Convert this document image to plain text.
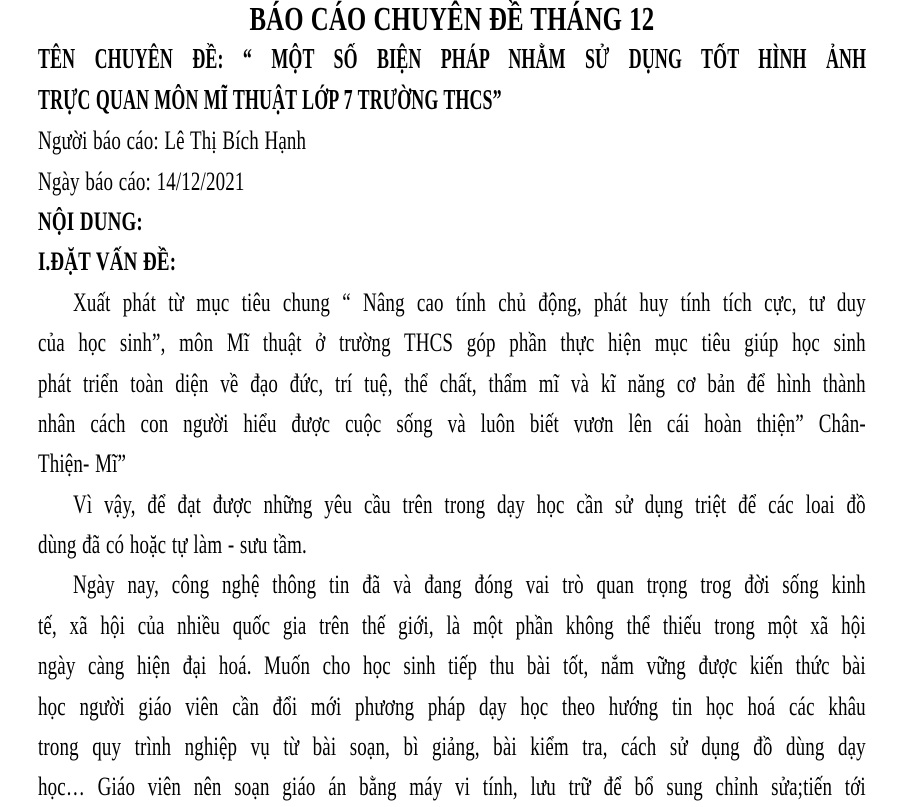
BÁO CÁO CHUYÊN ĐỀ THÁNG 12
TÊN CHUYÊN ĐỀ: “ MỘT SỐ BIỆN PHÁP NHẰM SỬ DỤNG TỐT HÌNH ẢNH
TRỰC QUAN MÔN MĨ THUẬT LỚP 7 TRƯỜNG THCS”
Người báo cáo: Lê Thị Bích Hạnh
Ngày báo cáo: 14/12/2021
NỘI DUNG:
I.ĐẶT VẤN ĐỀ:
Xuất phát từ mục tiêu chung “ Nâng cao tính chủ động, phát huy tính tích cực, tư duy
của học sinh”, môn Mĩ thuật ở trường THCS góp phần thực hiện mục tiêu giúp học sinh
phát triển toàn diện về đạo đức, trí tuệ, thể chất, thẩm mĩ và kĩ năng cơ bản để hình thành
nhân cách con người hiểu được cuộc sống và luôn biết vươn lên cái hoàn thiện” Chân-
Thiện- Mĩ”
Vì vậy, để đạt được những yêu cầu trên trong dạy học cần sử dụng triệt để các loai đồ
dùng đã có hoặc tự làm - sưu tầm.
Ngày nay, công nghệ thông tin đã và đang đóng vai trò quan trọng trog đời sống kinh
tế, xã hội của nhiều quốc gia trên thế giới, là một phần không thể thiếu trong một xã hội
ngày càng hiện đại hoá. Muốn cho học sinh tiếp thu bài tốt, nắm vững được kiến thức bài
học người giáo viên cần đổi mới phương pháp dạy học theo hướng tin học hoá các khâu
trong quy trình nghiệp vụ từ bài soạn, bì giảng, bài kiểm tra, cách sử dụng đồ dùng dạy
học… Giáo viên nên soạn giáo án bằng máy vi tính, lưu trữ để bổ sung chỉnh sửa;tiến tới
